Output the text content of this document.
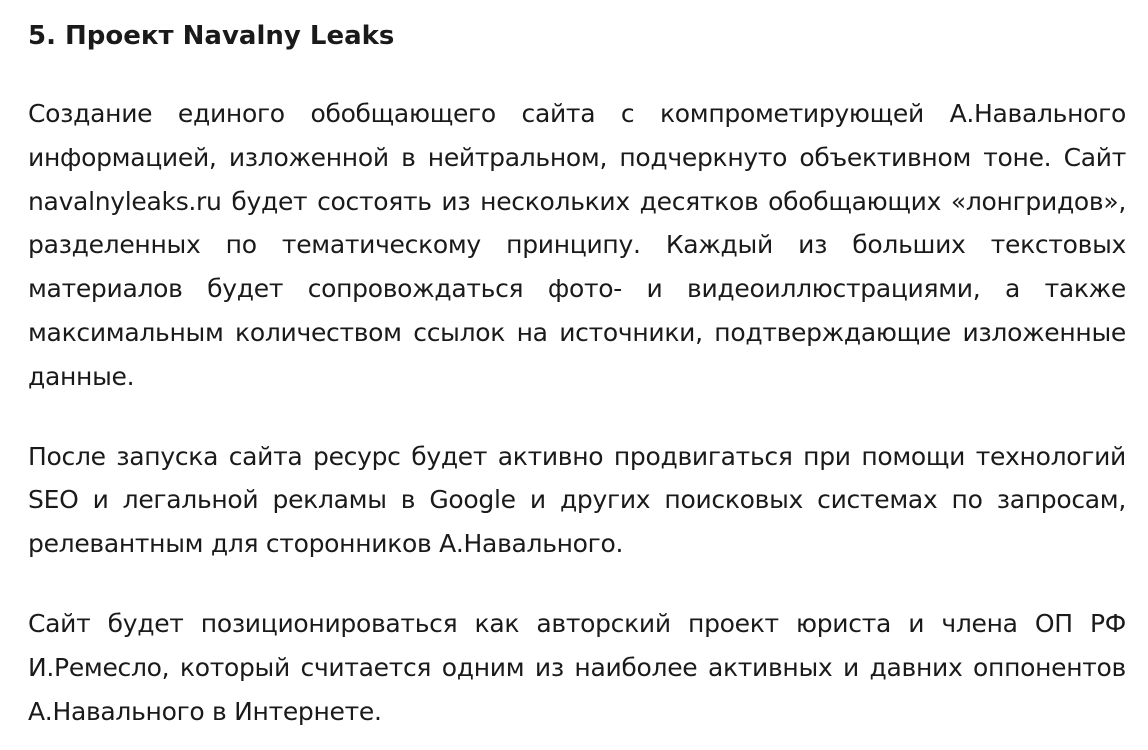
5. Проект Navalny Leaks

Создание единого обобщающего сайта с компрометирующей А.Навального информацией, изложенной в нейтральном, подчеркнуто объективном тоне. Сайт navalnyleaks.ru будет состоять из нескольких десятков обобщающих «лонгридов», разделенных по тематическому принципу. Каждый из больших текстовых материалов будет сопровождаться фото- и видеоиллюстрациями, а также максимальным количеством ссылок на источники, подтверждающие изложенные данные.

После запуска сайта ресурс будет активно продвигаться при помощи технологий SEO и легальной рекламы в Google и других поисковых системах по запросам, релевантным для сторонников А.Навального.

Сайт будет позиционироваться как авторский проект юриста и члена ОП РФ И.Ремесло, который считается одним из наиболее активных и давних оппонентов А.Навального в Интернете.
